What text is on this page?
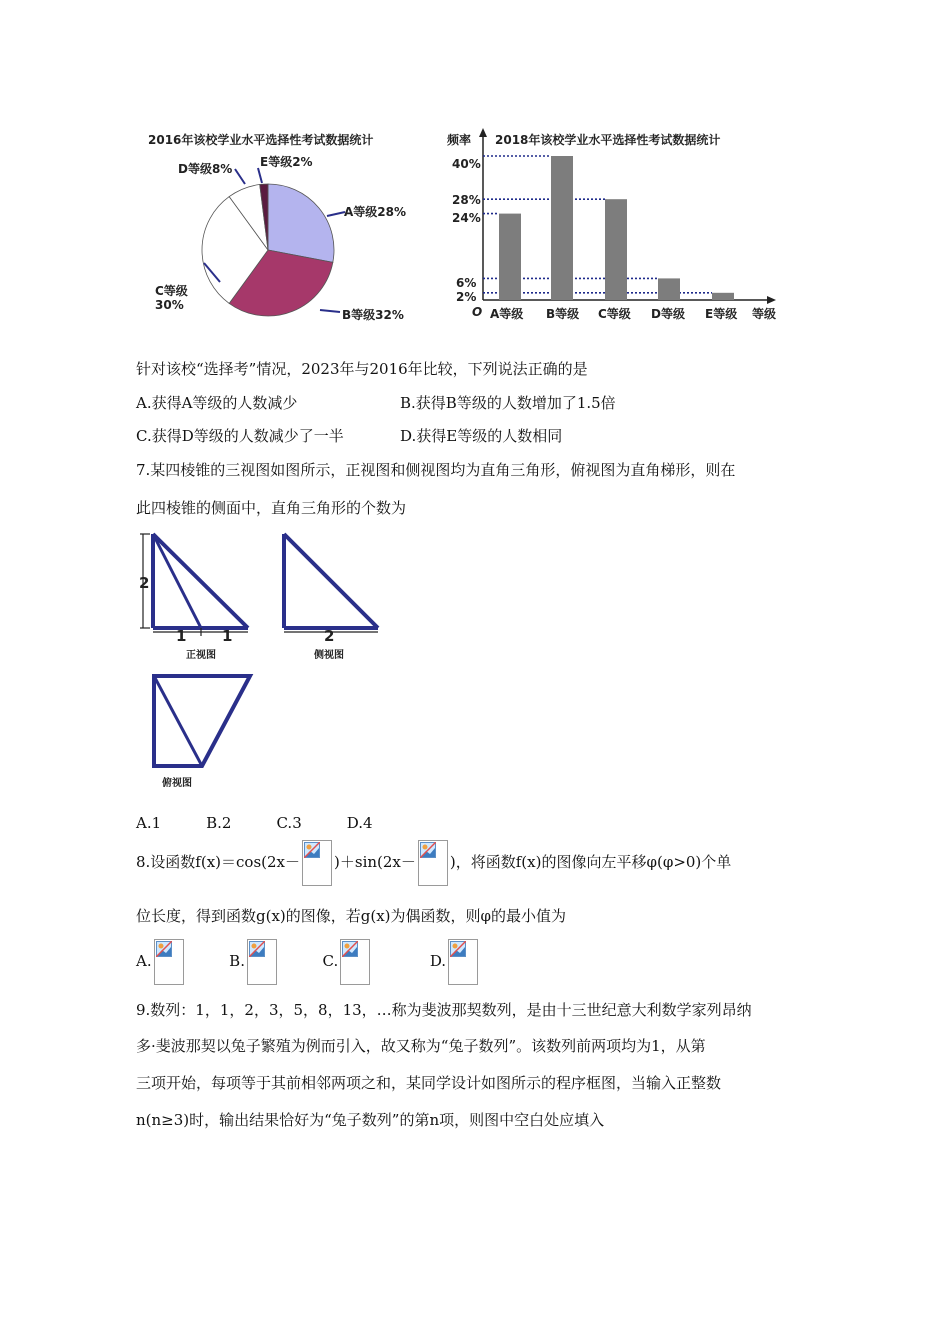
2016年该校学业水平选择性考试数据统计
E等级2%
D等级8%
A等级28%
B等级32%
C等级
30%
频率 2018年该校学业水平选择性考试数据统计
40%
28%
24%
6%
2%
O A等级 B等级 C等级 D等级 E等级 等级
针对该校“选择考”情况，2023年与2016年比较，下列说法正确的是
A.获得A等级的人数减少	B.获得B等级的人数增加了1.5倍
C.获得D等级的人数减少了一半	D.获得E等级的人数相同
7.某四棱锥的三视图如图所示，正视图和侧视图均为直角三角形，俯视图为直角梯形，则在
此四棱锥的侧面中，直角三角形的个数为
2
1 1
正视图
2
侧视图
俯视图
A.1　　　B.2　　　C.3　　　D.4
8.设函数f(x)＝cos(2x－ )＋sin(2x－ )，将函数f(x)的图像向左平移φ(φ>0)个单
位长度，得到函数g(x)的图像，若g(x)为偶函数，则φ的最小值为
A.	B.	C.	D.
9.数列：1，1，2，3，5，8，13，…称为斐波那契数列，是由十三世纪意大利数学家列昂纳
多·斐波那契以兔子繁殖为例而引入，故又称为“兔子数列”。该数列前两项均为1，从第
三项开始，每项等于其前相邻两项之和，某同学设计如图所示的程序框图，当输入正整数
n(n≥3)时，输出结果恰好为“兔子数列”的第n项，则图中空白处应填入
